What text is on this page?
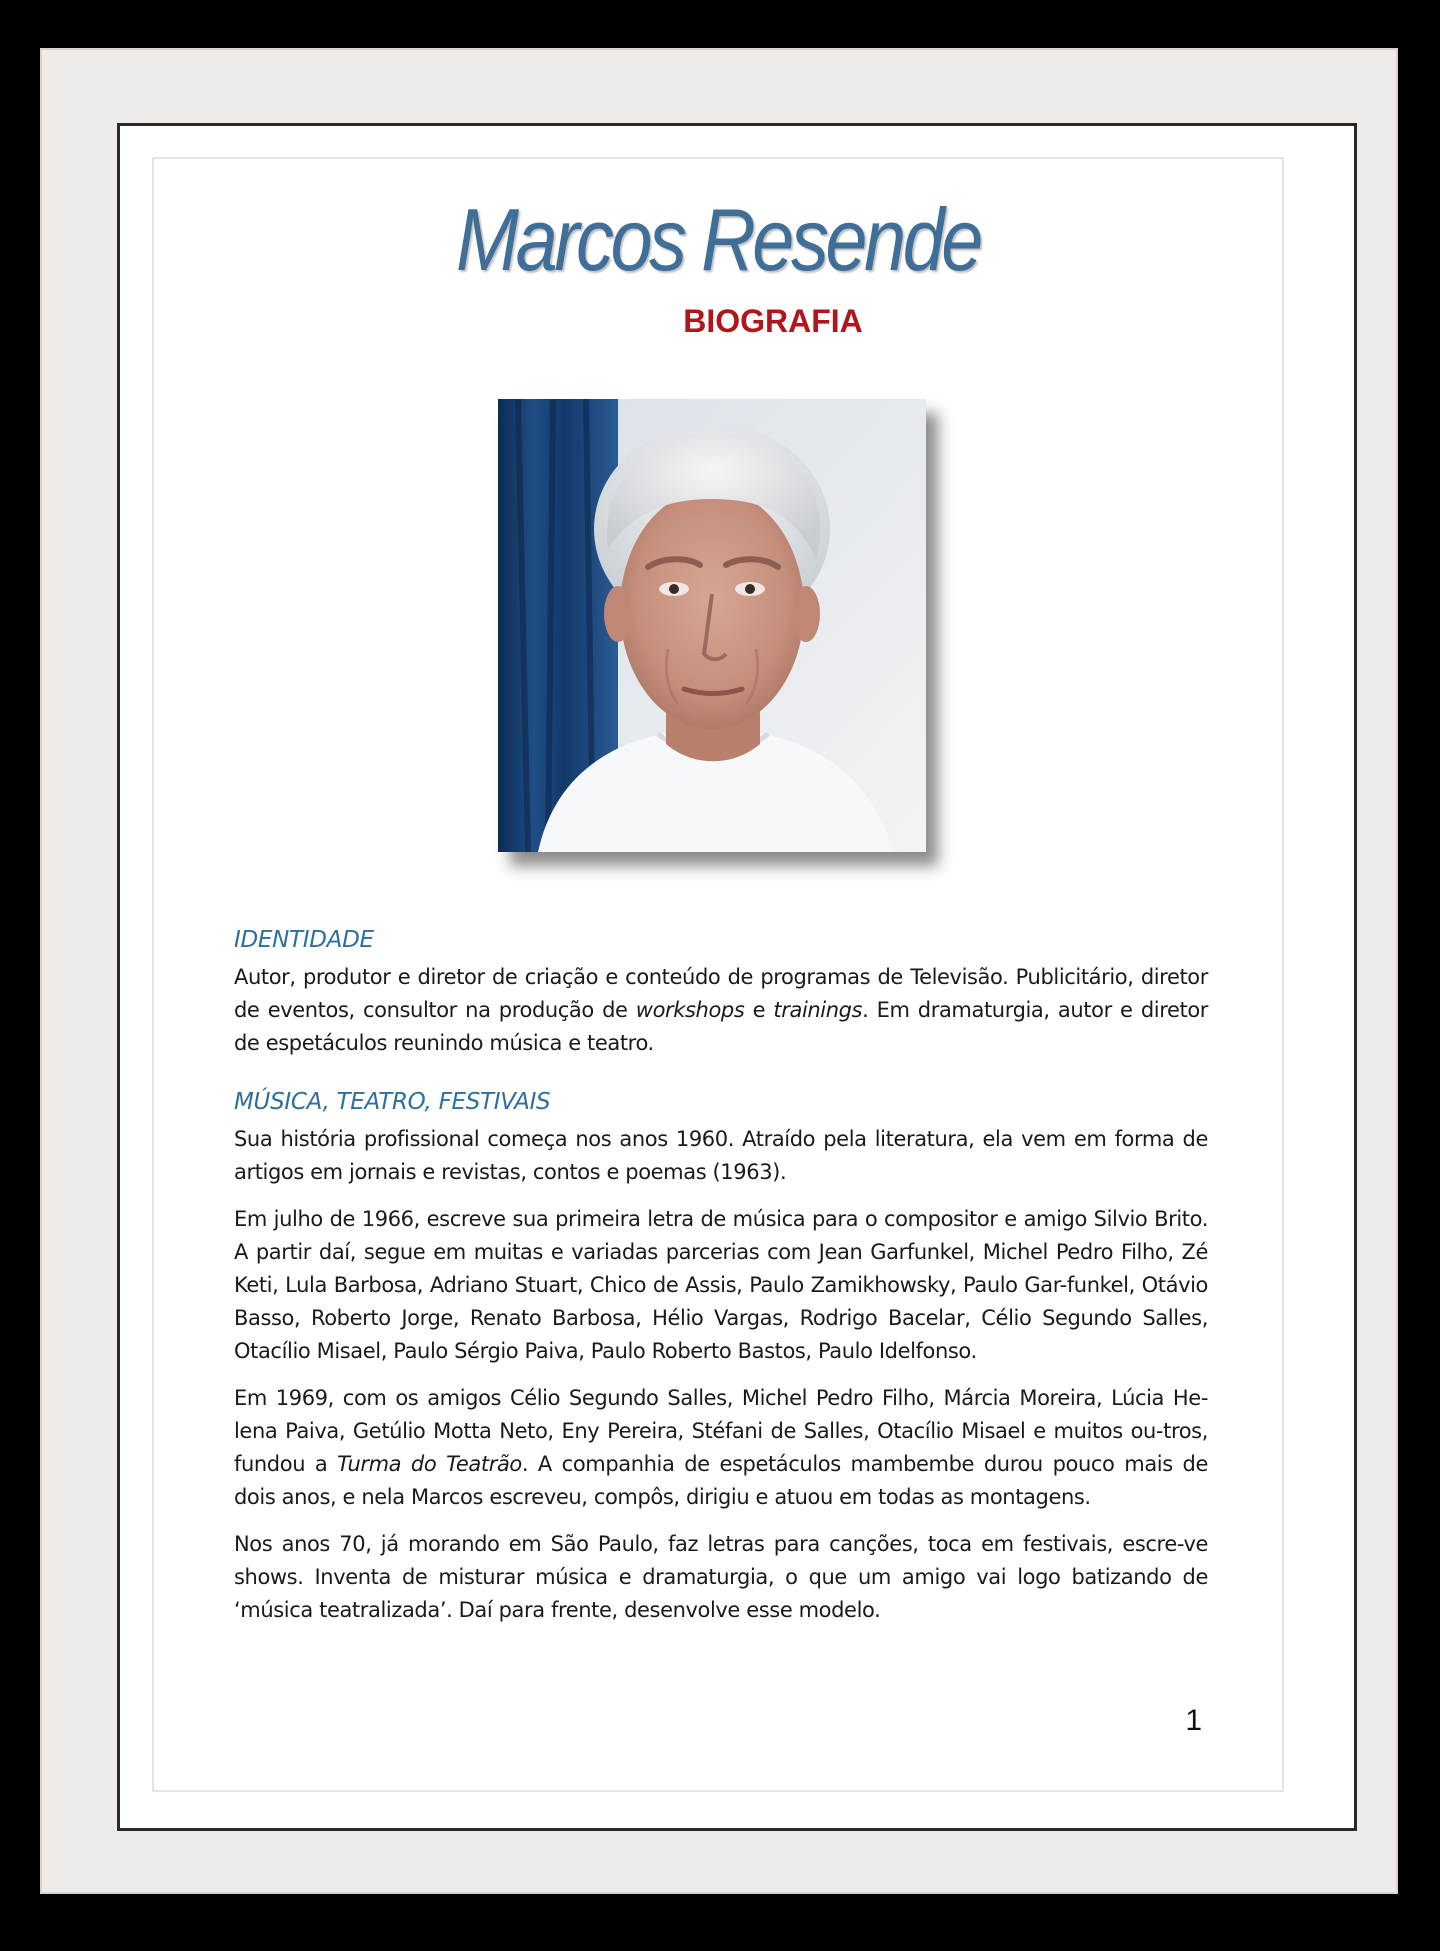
Marcos Resende
BIOGRAFIA
IDENTIDADE

Autor, produtor e diretor de criação e conteúdo de programas de Televisão. Publicitário, diretor de eventos, consultor na produção de workshops e trainings. Em dramaturgia, autor e diretor de espetáculos reunindo música e teatro.

MÚSICA, TEATRO, FESTIVAIS

Sua história profissional começa nos anos 1960. Atraído pela literatura, ela vem em forma de artigos em jornais e revistas, contos e poemas (1963).

Em julho de 1966, escreve sua primeira letra de música para o compositor e amigo Silvio Brito. A partir daí, segue em muitas e variadas parcerias com Jean Garfunkel, Michel Pedro Filho, Zé Keti, Lula Barbosa, Adriano Stuart, Chico de Assis, Paulo Zamikhowsky, Paulo Gar-funkel, Otávio Basso, Roberto Jorge, Renato Barbosa, Hélio Vargas, Rodrigo Bacelar, Célio Segundo Salles, Otacílio Misael, Paulo Sérgio Paiva, Paulo Roberto Bastos, Paulo Idelfonso.

Em 1969, com os amigos Célio Segundo Salles, Michel Pedro Filho, Márcia Moreira, Lúcia He-lena Paiva, Getúlio Motta Neto, Eny Pereira, Stéfani de Salles, Otacílio Misael e muitos ou-tros, fundou a Turma do Teatrão. A companhia de espetáculos mambembe durou pouco mais de dois anos, e nela Marcos escreveu, compôs, dirigiu e atuou em todas as montagens.

Nos anos 70, já morando em São Paulo, faz letras para canções, toca em festivais, escre-ve shows. Inventa de misturar música e dramaturgia, o que um amigo vai logo batizando de ‘música teatralizada’. Daí para frente, desenvolve esse modelo.

1
